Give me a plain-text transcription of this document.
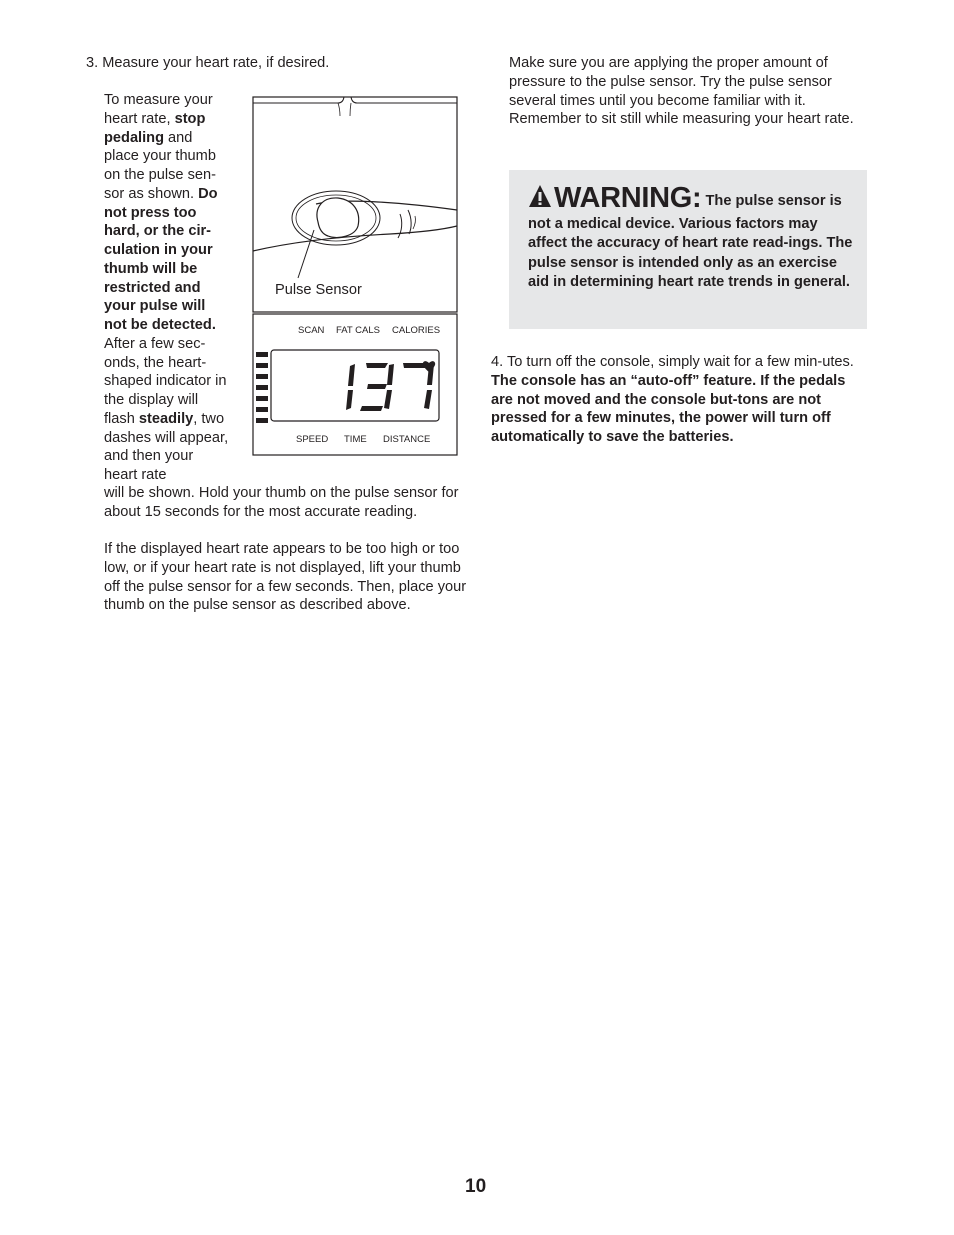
3. Measure your heart rate, if desired.

To measure your heart rate, stop pedaling and place your thumb on the pulse sen-sor as shown. Do not press too hard, or the cir-culation in your thumb will be restricted and your pulse will not be detected. After a few sec-onds, the heart-shaped indicator in the display will flash steadily, two dashes will appear, and then your heart rate

will be shown. Hold your thumb on the pulse sensor for about 15 seconds for the most accurate reading.

If the displayed heart rate appears to be too high or too low, or if your heart rate is not displayed, lift your thumb off the pulse sensor for a few seconds. Then, place your thumb on the pulse sensor as described above.

Pulse Sensor
SCAN FAT CALS CALORIES
137
SPEED TIME DISTANCE

Make sure you are applying the proper amount of pressure to the pulse sensor. Try the pulse sensor several times until you become familiar with it. Remember to sit still while measuring your heart rate.

WARNING: The pulse sensor is not a medical device. Various factors may affect the accuracy of heart rate read-ings. The pulse sensor is intended only as an exercise aid in determining heart rate trends in general.

4. To turn off the console, simply wait for a few min-utes. The console has an “auto-off” feature. If the pedals are not moved and the console but-tons are not pressed for a few minutes, the power will turn off automatically to save the batteries.

10
